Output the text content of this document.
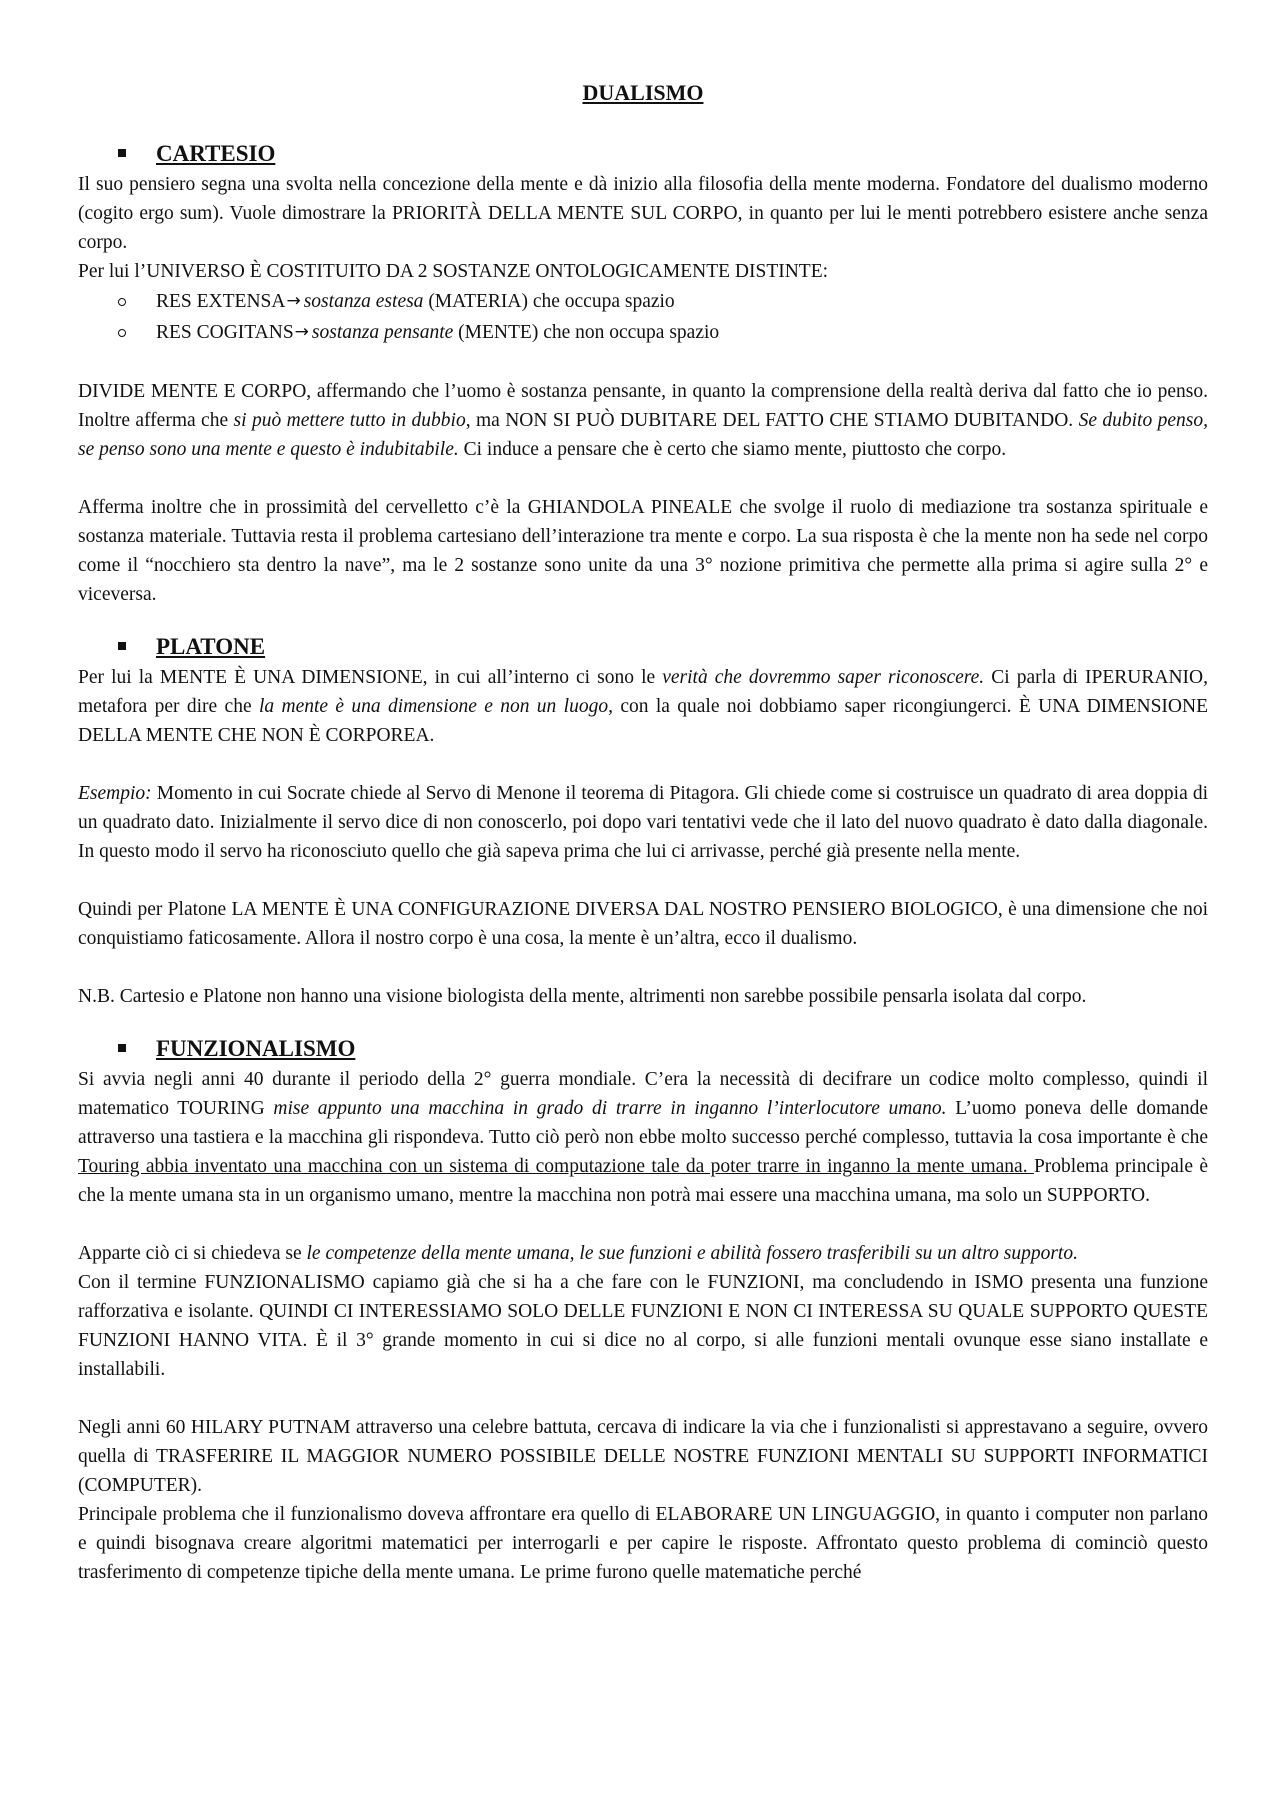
DUALISMO
CARTESIO

Il suo pensiero segna una svolta nella concezione della mente e dà inizio alla filosofia della mente moderna. Fondatore del dualismo moderno (cogito ergo sum). Vuole dimostrare la PRIORITÀ DELLA MENTE SUL CORPO, in quanto per lui le menti potrebbero esistere anche senza corpo.

Per lui l’UNIVERSO È COSTITUITO DA 2 SOSTANZE ONTOLOGICAMENTE DISTINTE:

RES EXTENSA → sostanza estesa
(MATERIA) che occupa spazio
RES COGITANS → sostanza pensante
(MENTE) che non occupa spazio

DIVIDE MENTE E CORPO, affermando che l’uomo è sostanza pensante, in quanto la comprensione della realtà deriva dal fatto che io penso. Inoltre afferma che si può mettere tutto in dubbio, ma NON SI PUÒ DUBITARE DEL FATTO CHE STIAMO DUBITANDO. Se dubito penso, se penso sono una mente e questo è indubitabile. Ci induce a pensare che è certo che siamo mente, piuttosto che corpo.

Afferma inoltre che in prossimità del cervelletto c’è la GHIANDOLA PINEALE che svolge il ruolo di mediazione tra sostanza spirituale e sostanza materiale. Tuttavia resta il problema cartesiano dell’interazione tra mente e corpo. La sua risposta è che la mente non ha sede nel corpo come il “nocchiero sta dentro la nave”, ma le 2 sostanze sono unite da una 3° nozione primitiva che permette alla prima si agire sulla 2° e viceversa.

PLATONE

Per lui la MENTE È UNA DIMENSIONE, in cui all’interno ci sono le verità che dovremmo saper riconoscere. Ci parla di IPERURANIO, metafora per dire che la mente è una dimensione e non un luogo, con la quale noi dobbiamo saper ricongiungerci. È UNA DIMENSIONE DELLA MENTE CHE NON È CORPOREA.

Esempio: Momento in cui Socrate chiede al Servo di Menone il teorema di Pitagora. Gli chiede come si costruisce un quadrato di area doppia di un quadrato dato. Inizialmente il servo dice di non conoscerlo, poi dopo vari tentativi vede che il lato del nuovo quadrato è dato dalla diagonale. In questo modo il servo ha riconosciuto quello che già sapeva prima che lui ci arrivasse, perché già presente nella mente.

Quindi per Platone LA MENTE È UNA CONFIGURAZIONE DIVERSA DAL NOSTRO PENSIERO BIOLOGICO, è una dimensione che noi conquistiamo faticosamente. Allora il nostro corpo è una cosa, la mente è un’altra, ecco il dualismo.

N.B. Cartesio e Platone non hanno una visione biologista della mente, altrimenti non sarebbe possibile pensarla isolata dal corpo.

FUNZIONALISMO

Si avvia negli anni 40 durante il periodo della 2° guerra mondiale. C’era la necessità di decifrare un codice molto complesso, quindi il matematico TOURING mise appunto una macchina in grado di trarre in inganno l’interlocutore umano. L’uomo poneva delle domande attraverso una tastiera e la macchina gli rispondeva. Tutto ciò però non ebbe molto successo perché complesso, tuttavia la cosa importante è che Touring abbia inventato una macchina con un sistema di computazione tale da poter trarre in inganno la mente umana. Problema principale è che la mente umana sta in un organismo umano, mentre la macchina non potrà mai essere una macchina umana, ma solo un SUPPORTO.

Apparte ciò ci si chiedeva se le competenze della mente umana, le sue funzioni e abilità fossero trasferibili su un altro supporto.

Con il termine FUNZIONALISMO capiamo già che si ha a che fare con le FUNZIONI, ma concludendo in ISMO presenta una funzione rafforzativa e isolante. QUINDI CI INTERESSIAMO SOLO DELLE FUNZIONI E NON CI INTERESSA SU QUALE SUPPORTO QUESTE FUNZIONI HANNO VITA. È il 3° grande momento in cui si dice no al corpo, si alle funzioni mentali ovunque esse siano installate e installabili.

Negli anni 60 HILARY PUTNAM attraverso una celebre battuta, cercava di indicare la via che i funzionalisti si apprestavano a seguire, ovvero quella di TRASFERIRE IL MAGGIOR NUMERO POSSIBILE DELLE NOSTRE FUNZIONI MENTALI SU SUPPORTI INFORMATICI (COMPUTER).

Principale problema che il funzionalismo doveva affrontare era quello di ELABORARE UN LINGUAGGIO, in quanto i computer non parlano e quindi bisognava creare algoritmi matematici per interrogarli e per capire le risposte. Affrontato questo problema di cominciò questo trasferimento di competenze tipiche della mente umana. Le prime furono quelle matematiche perché
